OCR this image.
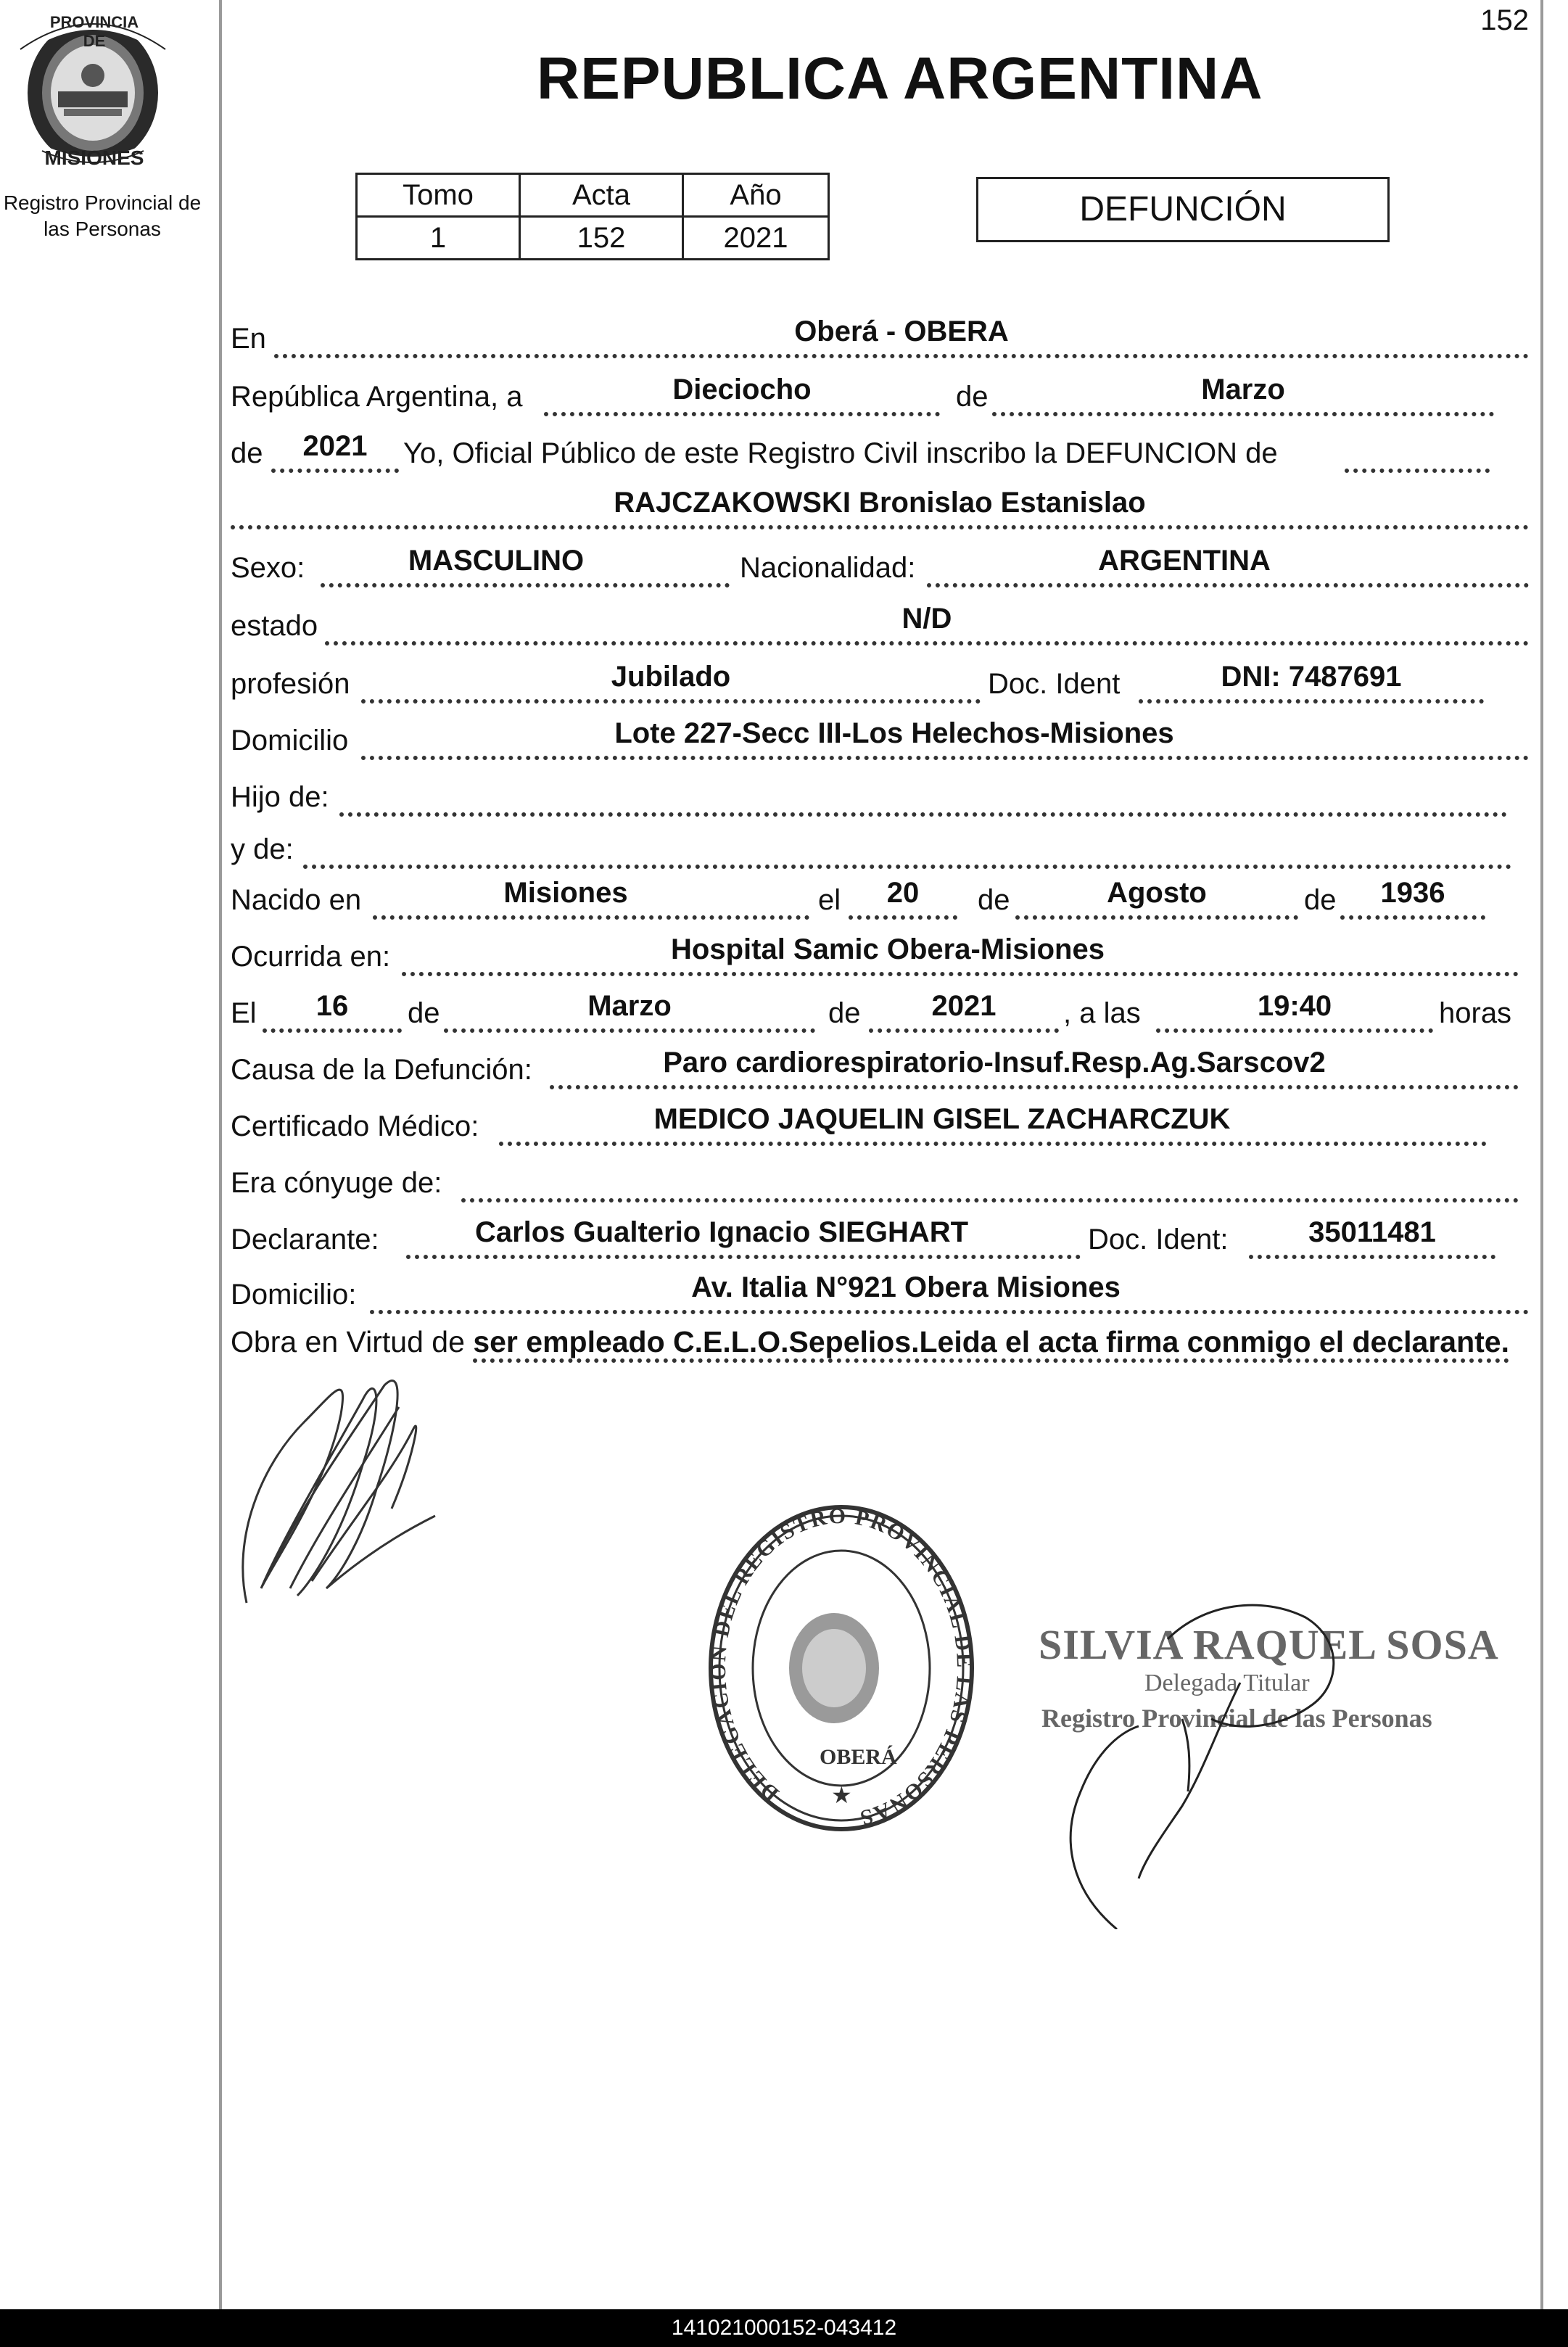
152
PROVINCIA DE
MISIONES
Registro Provincial de
las Personas
REPUBLICA ARGENTINA
Tomo	Acta	Año
1	152	2021
DEFUNCIÓN
En	Oberá - OBERA
República Argentina, a	Dieciocho	de	Marzo
de	2021	Yo, Oficial Público de este Registro Civil inscribo la DEFUNCION de
RAJCZAKOWSKI Bronislao Estanislao
Sexo:	MASCULINO	Nacionalidad:	ARGENTINA
estado	N/D
profesión	Jubilado	Doc. Ident	DNI: 7487691
Domicilio	Lote 227-Secc III-Los Helechos-Misiones
Hijo de:
y de:
Nacido en	Misiones	el	20	de	Agosto	de	1936
Ocurrida en:	Hospital Samic Obera-Misiones
El	16	de	Marzo	de	2021	, a las	19:40	horas
Causa de la Defunción:	Paro cardiorespiratorio-Insuf.Resp.Ag.Sarscov2
Certificado Médico:	MEDICO JAQUELIN GISEL ZACHARCZUK
Era cónyuge de:
Declarante:	Carlos Gualterio Ignacio SIEGHART	Doc. Ident:	35011481
Domicilio:	Av. Italia N°921 Obera Misiones
Obra en Virtud de ser empleado C.E.L.O.Sepelios.Leida el acta firma conmigo el declarante.
DELEGACION DEL REGISTRO PROVINCIAL DE LAS PERSONAS
OBERÁ
★
SILVIA RAQUEL SOSA
Delegada Titular
Registro Provincial de las Personas
141021000152-043412
